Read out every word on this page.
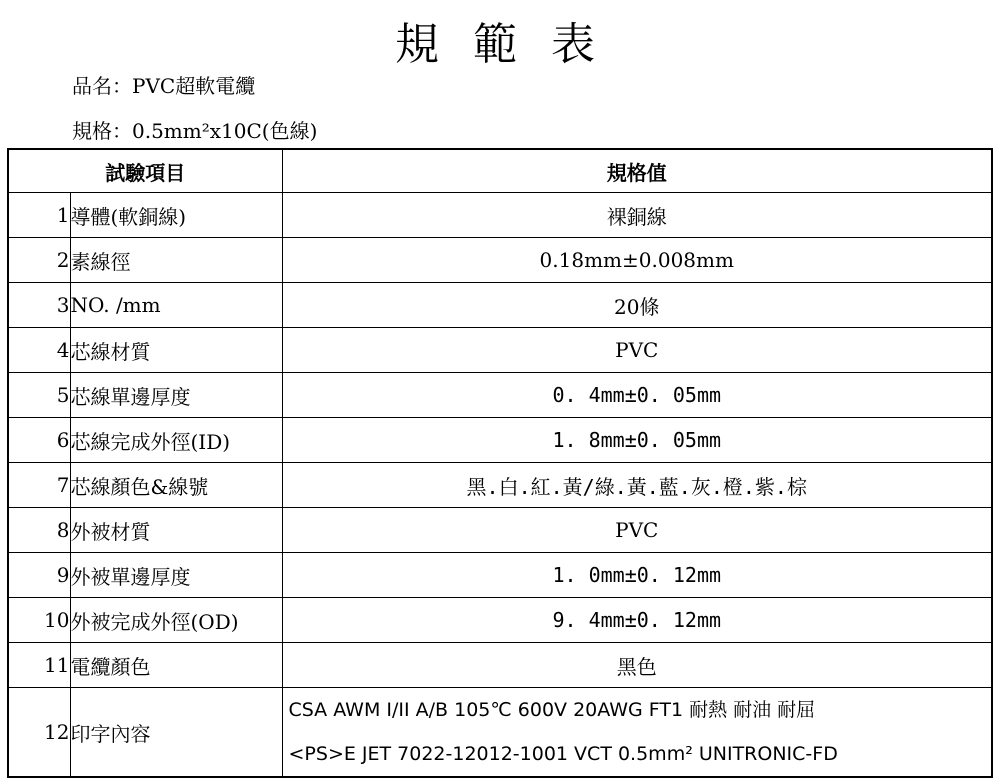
規 範 表
品名：PVC超軟電纜
規格：0.5mm²x10C(色線)
試驗項目		規格值
1	導體(軟銅線)	裸銅線
2	素線徑	0.18mm±0.008mm
3	NO. /mm	20條
4	芯線材質	PVC
5	芯線單邊厚度	0. 4mm±0. 05mm
6	芯線完成外徑(ID)	1. 8mm±0. 05mm
7	芯線顏色&線號	黑.白.紅.黃/綠.黃.藍.灰.橙.紫.棕
8	外被材質	PVC
9	外被單邊厚度	1. 0mm±0. 12mm
10	外被完成外徑(OD)	9. 4mm±0. 12mm
11	電纜顏色	黑色
12	印字內容	CSA AWM I/II A/B 105℃ 600V 20AWG FT1 耐熱 耐油 耐屈
<PS>E JET 7022-12012-1001 VCT 0.5mm² UNITRONIC-FD
